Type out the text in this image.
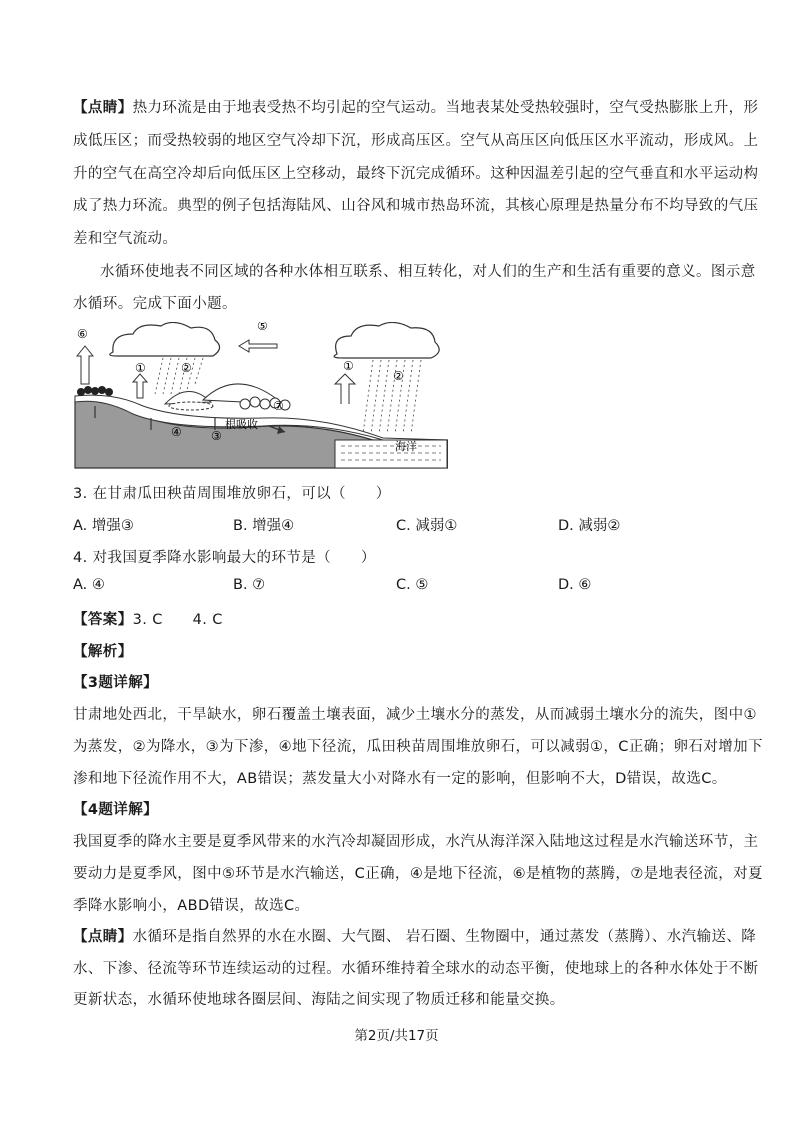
【点睛】热力环流是由于地表受热不均引起的空气运动。当地表某处受热较强时，空气受热膨胀上升，形
成低压区；而受热较弱的地区空气冷却下沉，形成高压区。空气从高压区向低压区水平流动，形成风。上
升的空气在高空冷却后向低压区上空移动，最终下沉完成循环。这种因温差引起的空气垂直和水平运动构
成了热力环流。典型的例子包括海陆风、山谷风和城市热岛环流，其核心原理是热量分布不均导致的气压
差和空气流动。
水循环使地表不同区域的各种水体相互联系、相互转化，对人们的生产和生活有重要的意义。图示意
水循环。完成下面小题。
⑥
⑤
②
①
⑦
④ ③
根吸收
①
②
海洋
3. 在甘肃瓜田秧苗周围堆放卵石，可以（　　）
A. 增强③	B. 增强④	C. 减弱①	D. 减弱②
4. 对我国夏季降水影响最大的环节是（　　）
A. ④	B. ⑦	C. ⑤	D. ⑥
【答案】3. C　　4. C
【解析】
【3题详解】
甘肃地处西北，干旱缺水，卵石覆盖土壤表面，减少土壤水分的蒸发，从而减弱土壤水分的流失，图中①
为蒸发，②为降水，③为下渗，④地下径流，瓜田秧苗周围堆放卵石，可以减弱①，C正确；卵石对增加下
渗和地下径流作用不大，AB错误；蒸发量大小对降水有一定的影响，但影响不大，D错误，故选C。
【4题详解】
我国夏季的降水主要是夏季风带来的水汽冷却凝固形成，水汽从海洋深入陆地这过程是水汽输送环节，主
要动力是夏季风，图中⑤环节是水汽输送，C正确，④是地下径流，⑥是植物的蒸腾，⑦是地表径流，对夏
季降水影响小，ABD错误，故选C。
【点睛】水循环是指自然界的水在水圈、大气圈、 岩石圈、生物圈中，通过蒸发（蒸腾）、水汽输送、降
水、下渗、径流等环节连续运动的过程。水循环维持着全球水的动态平衡，使地球上的各种水体处于不断
更新状态，水循环使地球各圈层间、海陆之间实现了物质迁移和能量交换。
第2页/共17页
